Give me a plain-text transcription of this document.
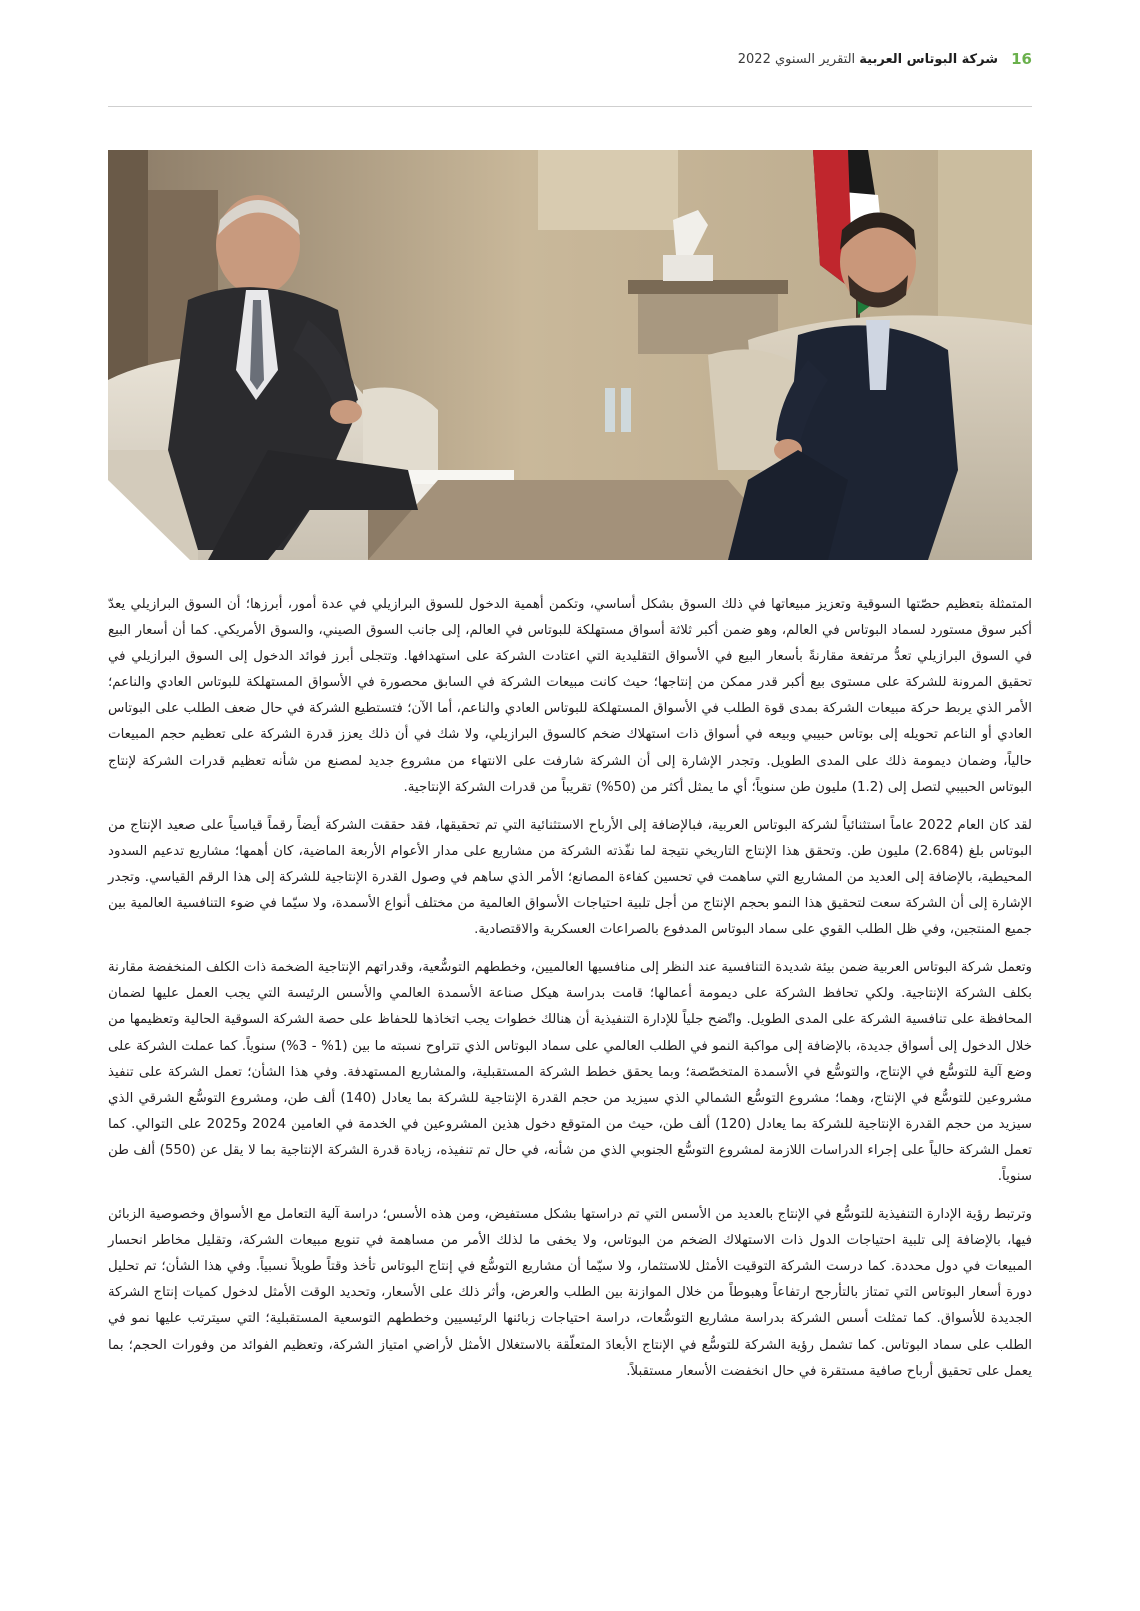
16
شركة البوتاس العربية التقرير السنوي 2022

المتمثلة بتعظيم حصّتها السوقية وتعزيز مبيعاتها في ذلك السوق بشكل أساسي، وتكمن أهمية الدخول للسوق البرازيلي في عدة أمور، أبرزها؛ أن السوق البرازيلي يعدّ أكبر سوق مستورد لسماد البوتاس في العالم، وهو ضمن أكبر ثلاثة أسواق مستهلكة للبوتاس في العالم، إلى جانب السوق الصيني، والسوق الأمريكي. كما أن أسعار البيع في السوق البرازيلي تعدُّ مرتفعة مقارنةً بأسعار البيع في الأسواق التقليدية التي اعتادت الشركة على استهدافها. وتتجلى أبرز فوائد الدخول إلى السوق البرازيلي في تحقيق المرونة للشركة على مستوى بيع أكبر قدر ممكن من إنتاجها؛ حيث كانت مبيعات الشركة في السابق محصورة في الأسواق المستهلكة للبوتاس العادي والناعم؛ الأمر الذي يربط حركة مبيعات الشركة بمدى قوة الطلب في الأسواق المستهلكة للبوتاس العادي والناعم، أما الآن؛ فتستطيع الشركة في حال ضعف الطلب على البوتاس العادي أو الناعم تحويله إلى بوتاس حبيبي وبيعه في أسواق ذات استهلاك ضخم كالسوق البرازيلي، ولا شك في أن ذلك يعزز قدرة الشركة على تعظيم حجم المبيعات حالياً، وضمان ديمومة ذلك على المدى الطويل. وتجدر الإشارة إلى أن الشركة شارفت على الانتهاء من مشروع جديد لمصنع من شأنه تعظيم قدرات الشركة لإنتاج البوتاس الحبيبي لتصل إلى (1.2) مليون طن سنوياً؛ أي ما يمثل أكثر من (50%) تقريباً من قدرات الشركة الإنتاجية.

لقد كان العام 2022 عاماً استثنائياً لشركة البوتاس العربية، فبالإضافة إلى الأرباح الاستثنائية التي تم تحقيقها، فقد حققت الشركة أيضاً رقماً قياسياً على صعيد الإنتاج من البوتاس بلغ (2.684) مليون طن. وتحقق هذا الإنتاج التاريخي نتيجة لما نفّذته الشركة من مشاريع على مدار الأعوام الأربعة الماضية، كان أهمها؛ مشاريع تدعيم السدود المحيطية، بالإضافة إلى العديد من المشاريع التي ساهمت في تحسين كفاءة المصانع؛ الأمر الذي ساهم في وصول القدرة الإنتاجية للشركة إلى هذا الرقم القياسي. وتجدر الإشارة إلى أن الشركة سعت لتحقيق هذا النمو بحجم الإنتاج من أجل تلبية احتياجات الأسواق العالمية من مختلف أنواع الأسمدة، ولا سيّما في ضوء التنافسية العالمية بين جميع المنتجين، وفي ظل الطلب القوي على سماد البوتاس المدفوع بالصراعات العسكرية والاقتصادية.

وتعمل شركة البوتاس العربية ضمن بيئة شديدة التنافسية عند النظر إلى منافسيها العالميين، وخططهم التوسُّعية، وقدراتهم الإنتاجية الضخمة ذات الكلف المنخفضة مقارنة بكلف الشركة الإنتاجية. ولكي تحافظ الشركة على ديمومة أعمالها؛ قامت بدراسة هيكل صناعة الأسمدة العالمي والأسس الرئيسة التي يجب العمل عليها لضمان المحافظة على تنافسية الشركة على المدى الطويل. واتّضح جلياً للإدارة التنفيذية أن هنالك خطوات يجب اتخاذها للحفاظ على حصة الشركة السوقية الحالية وتعظيمها من خلال الدخول إلى أسواق جديدة، بالإضافة إلى مواكبة النمو في الطلب العالمي على سماد البوتاس الذي تتراوح نسبته ما بين (1% - 3%) سنوياً. كما عملت الشركة على وضع آلية للتوسُّع في الإنتاج، والتوسُّع في الأسمدة المتخصّصة؛ وبما يحقق خطط الشركة المستقبلية، والمشاريع المستهدفة. وفي هذا الشأن؛ تعمل الشركة على تنفيذ مشروعين للتوسُّع في الإنتاج، وهما؛ مشروع التوسُّع الشمالي الذي سيزيد من حجم القدرة الإنتاجية للشركة بما يعادل (140) ألف طن، ومشروع التوسُّع الشرقي الذي سيزيد من حجم القدرة الإنتاجية للشركة بما يعادل (120) ألف طن، حيث من المتوقع دخول هذين المشروعين في الخدمة في العامين 2024 و2025 على التوالي. كما تعمل الشركة حالياً على إجراء الدراسات اللازمة لمشروع التوسُّع الجنوبي الذي من شأنه، في حال تم تنفيذه، زيادة قدرة الشركة الإنتاجية بما لا يقل عن (550) ألف طن سنوياً.

وترتبط رؤية الإدارة التنفيذية للتوسُّع في الإنتاج بالعديد من الأسس التي تم دراستها بشكل مستفيض، ومن هذه الأسس؛ دراسة آلية التعامل مع الأسواق وخصوصية الزبائن فيها، بالإضافة إلى تلبية احتياجات الدول ذات الاستهلاك الضخم من البوتاس، ولا يخفى ما لذلك الأمر من مساهمة في تنويع مبيعات الشركة، وتقليل مخاطر انحسار المبيعات في دول محددة. كما درست الشركة التوقيت الأمثل للاستثمار، ولا سيّما أن مشاريع التوسُّع في إنتاج البوتاس تأخذ وقتاً طويلاً نسبياً. وفي هذا الشأن؛ تم تحليل دورة أسعار البوتاس التي تمتاز بالتأرجح ارتفاعاً وهبوطاً من خلال الموازنة بين الطلب والعرض، وأثر ذلك على الأسعار، وتحديد الوقت الأمثل لدخول كميات إنتاج الشركة الجديدة للأسواق. كما تمثلت أسس الشركة بدراسة مشاريع التوسُّعات، دراسة احتياجات زبائنها الرئيسيين وخططهم التوسعية المستقبلية؛ التي سيترتب عليها نمو في الطلب على سماد البوتاس. كما تشمل رؤية الشركة للتوسُّع في الإنتاج الأبعادَ المتعلّقة بالاستغلال الأمثل لأراضي امتياز الشركة، وتعظيم الفوائد من وفورات الحجم؛ بما يعمل على تحقيق أرباح صافية مستقرة في حال انخفضت الأسعار مستقبلاً.
